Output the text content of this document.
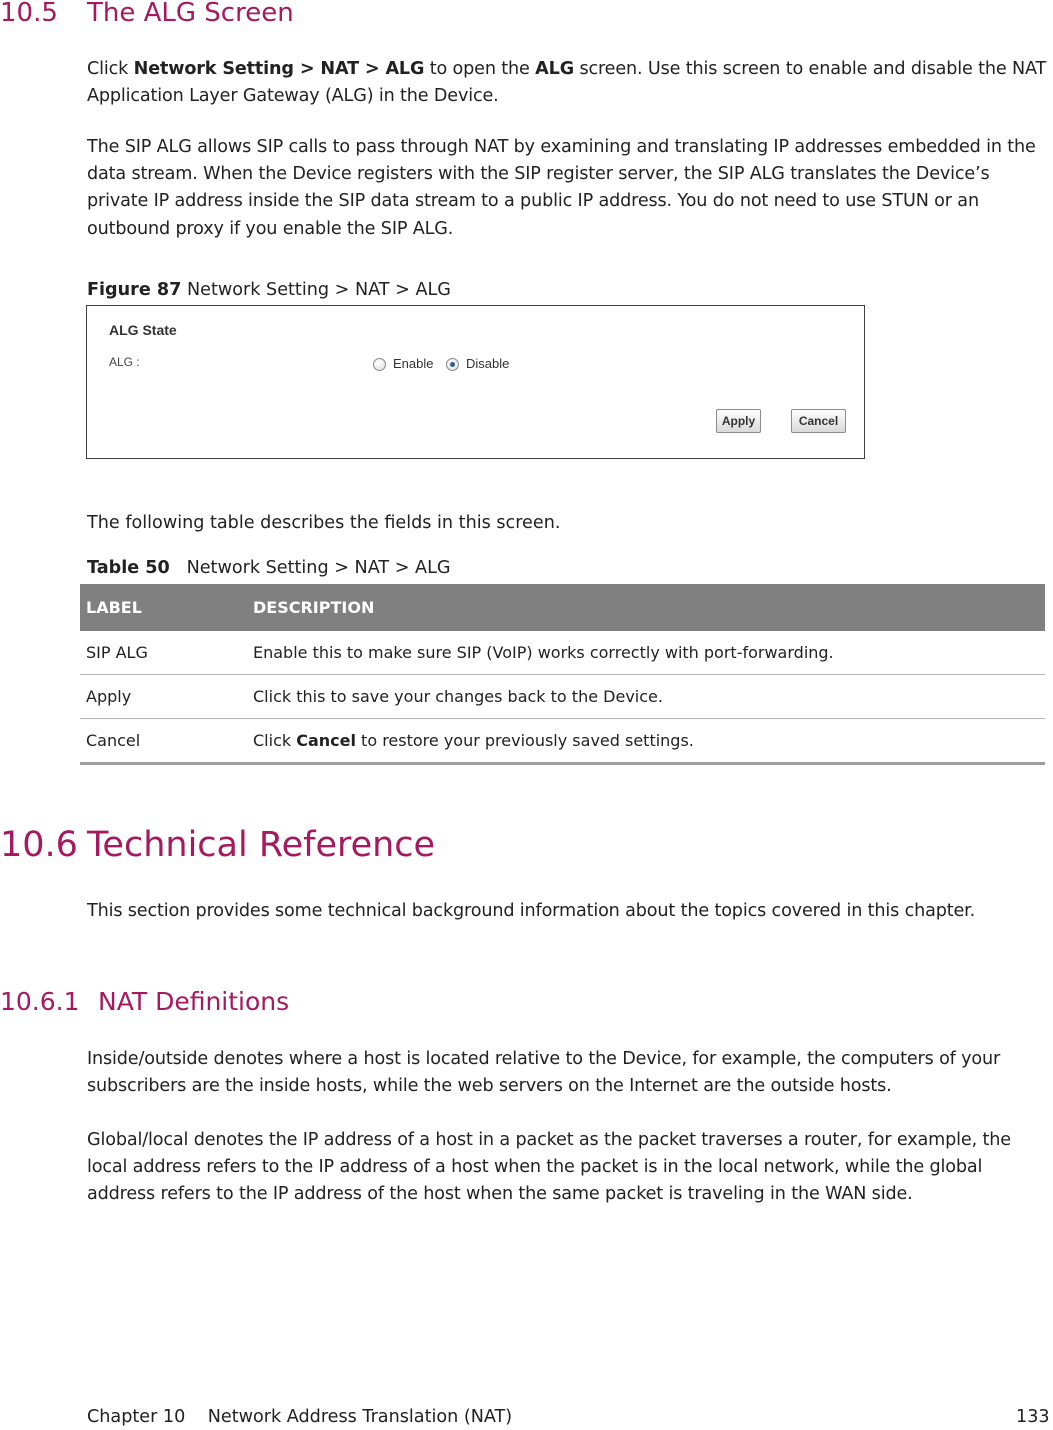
10.5 The ALG Screen
Click Network Setting > NAT > ALG to open the ALG screen. Use this screen to enable and disable the NAT Application Layer Gateway (ALG) in the Device.
The SIP ALG allows SIP calls to pass through NAT by examining and translating IP addresses embedded in the data stream. When the Device registers with the SIP register server, the SIP ALG translates the Device’s private IP address inside the SIP data stream to a public IP address. You do not need to use STUN or an outbound proxy if you enable the SIP ALG.
Figure 87 Network Setting > NAT > ALG
ALG State
ALG :	Enable	Disable
Apply	Cancel
The following table describes the fields in this screen.
Table 50 Network Setting > NAT > ALG
LABEL	DESCRIPTION
SIP ALG	Enable this to make sure SIP (VoIP) works correctly with port-forwarding.
Apply	Click this to save your changes back to the Device.
Cancel	Click Cancel to restore your previously saved settings.
10.6 Technical Reference
This section provides some technical background information about the topics covered in this chapter.
10.6.1 NAT Definitions
Inside/outside denotes where a host is located relative to the Device, for example, the computers of your subscribers are the inside hosts, while the web servers on the Internet are the outside hosts.
Global/local denotes the IP address of a host in a packet as the packet traverses a router, for example, the local address refers to the IP address of a host when the packet is in the local network, while the global address refers to the IP address of the host when the same packet is traveling in the WAN side.
Chapter 10 Network Address Translation (NAT)	133
